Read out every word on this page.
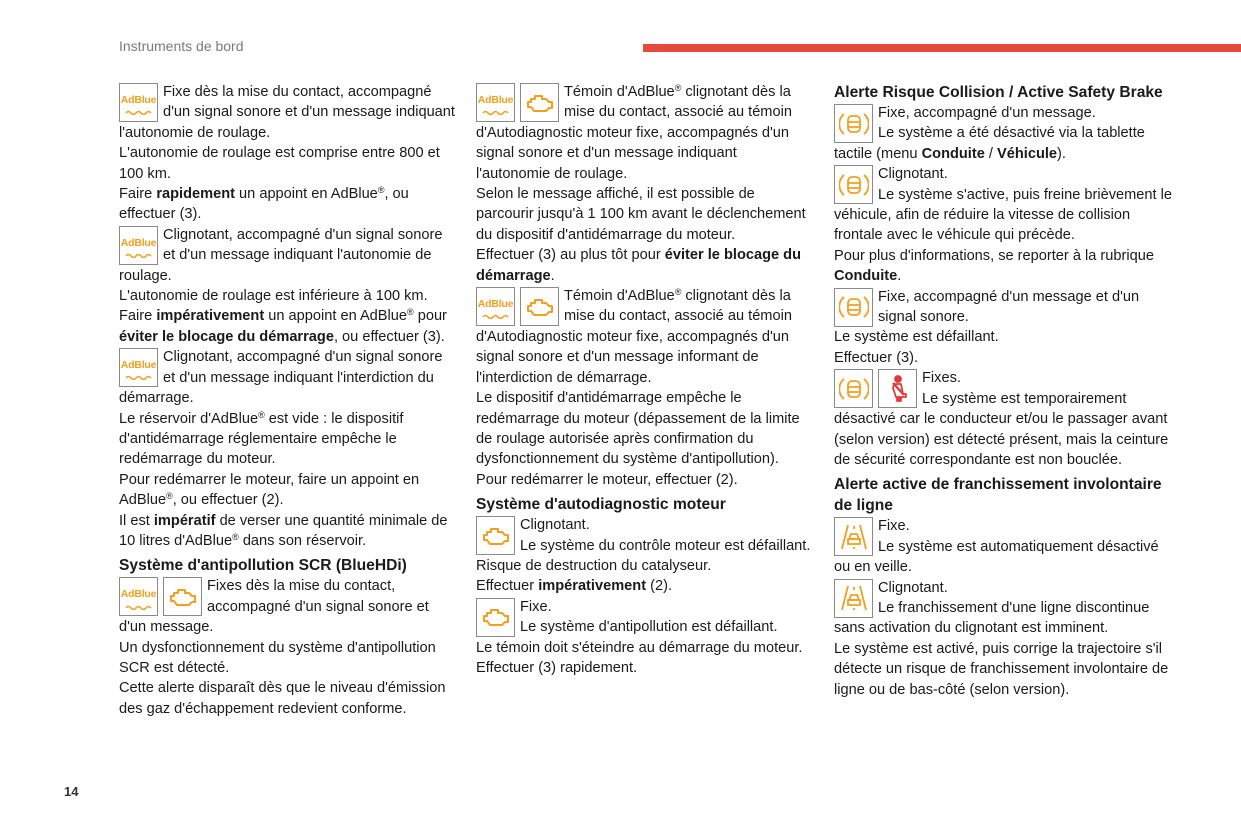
Instruments de bord
AdBlue Fixe dès la mise du contact, accompagné d'un signal sonore et d'un message indiquant l'autonomie de roulage.

L'autonomie de roulage est comprise entre 800 et 100 km.

Faire rapidement un appoint en AdBlue®, ou effectuer (3).

AdBlue Clignotant, accompagné d'un signal sonore et d'un message indiquant l'autonomie de roulage.

L'autonomie de roulage est inférieure à 100 km.

Faire impérativement un appoint en AdBlue® pour éviter le blocage du démarrage, ou effectuer (3).

AdBlue Clignotant, accompagné d'un signal sonore et d'un message indiquant l'interdiction du démarrage.

Le réservoir d'AdBlue® est vide : le dispositif d'antidémarrage réglementaire empêche le redémarrage du moteur.

Pour redémarrer le moteur, faire un appoint en AdBlue®, ou effectuer (2).

Il est impératif de verser une quantité minimale de 10 litres d'AdBlue® dans son réservoir.

Système d'antipollution SCR (BlueHDi)
AdBlue	Fixes dès la mise du contact, accompagné d'un signal sonore et d'un message.

Un dysfonctionnement du système d'antipollution SCR est détecté.

Cette alerte disparaît dès que le niveau d'émission des gaz d'échappement redevient conforme.

AdBlue	Témoin d'AdBlue® clignotant dès la mise du contact, associé au témoin d'Autodiagnostic moteur fixe, accompagnés d'un signal sonore et d'un message indiquant l'autonomie de roulage.

Selon le message affiché, il est possible de parcourir jusqu'à 1 100 km avant le déclenchement du dispositif d'antidémarrage du moteur.

Effectuer (3) au plus tôt pour éviter le blocage du démarrage.

AdBlue	Témoin d'AdBlue® clignotant dès la mise du contact, associé au témoin d'Autodiagnostic moteur fixe, accompagnés d'un signal sonore et d'un message informant de l'interdiction de démarrage.

Le dispositif d'antidémarrage empêche le redémarrage du moteur (dépassement de la limite de roulage autorisée après confirmation du dysfonctionnement du système d'antipollution).

Pour redémarrer le moteur, effectuer (2).

Système d'autodiagnostic moteur

Clignotant.

Le système du contrôle moteur est défaillant.

Risque de destruction du catalyseur.

Effectuer impérativement (2).

Fixe.

Le système d'antipollution est défaillant.

Le témoin doit s'éteindre au démarrage du moteur.

Effectuer (3) rapidement.

Alerte Risque Collision / Active Safety Brake

Fixe, accompagné d'un message.

Le système a été désactivé via la tablette tactile (menu Conduite / Véhicule).

Clignotant.

Le système s'active, puis freine brièvement le véhicule, afin de réduire la vitesse de collision frontale avec le véhicule qui précède.

Pour plus d'informations, se reporter à la rubrique Conduite.

Fixe, accompagné d'un message et d'un signal sonore.

Le système est défaillant.

Effectuer (3).

Fixes.

Le système est temporairement désactivé car le conducteur et/ou le passager avant (selon version) est détecté présent, mais la ceinture de sécurité correspondante est non bouclée.

Alerte active de franchissement involontaire de ligne

Fixe.

Le système est automatiquement désactivé ou en veille.

Clignotant.

Le franchissement d'une ligne discontinue sans activation du clignotant est imminent.

Le système est activé, puis corrige la trajectoire s'il détecte un risque de franchissement involontaire de ligne ou de bas-côté (selon version).

14
